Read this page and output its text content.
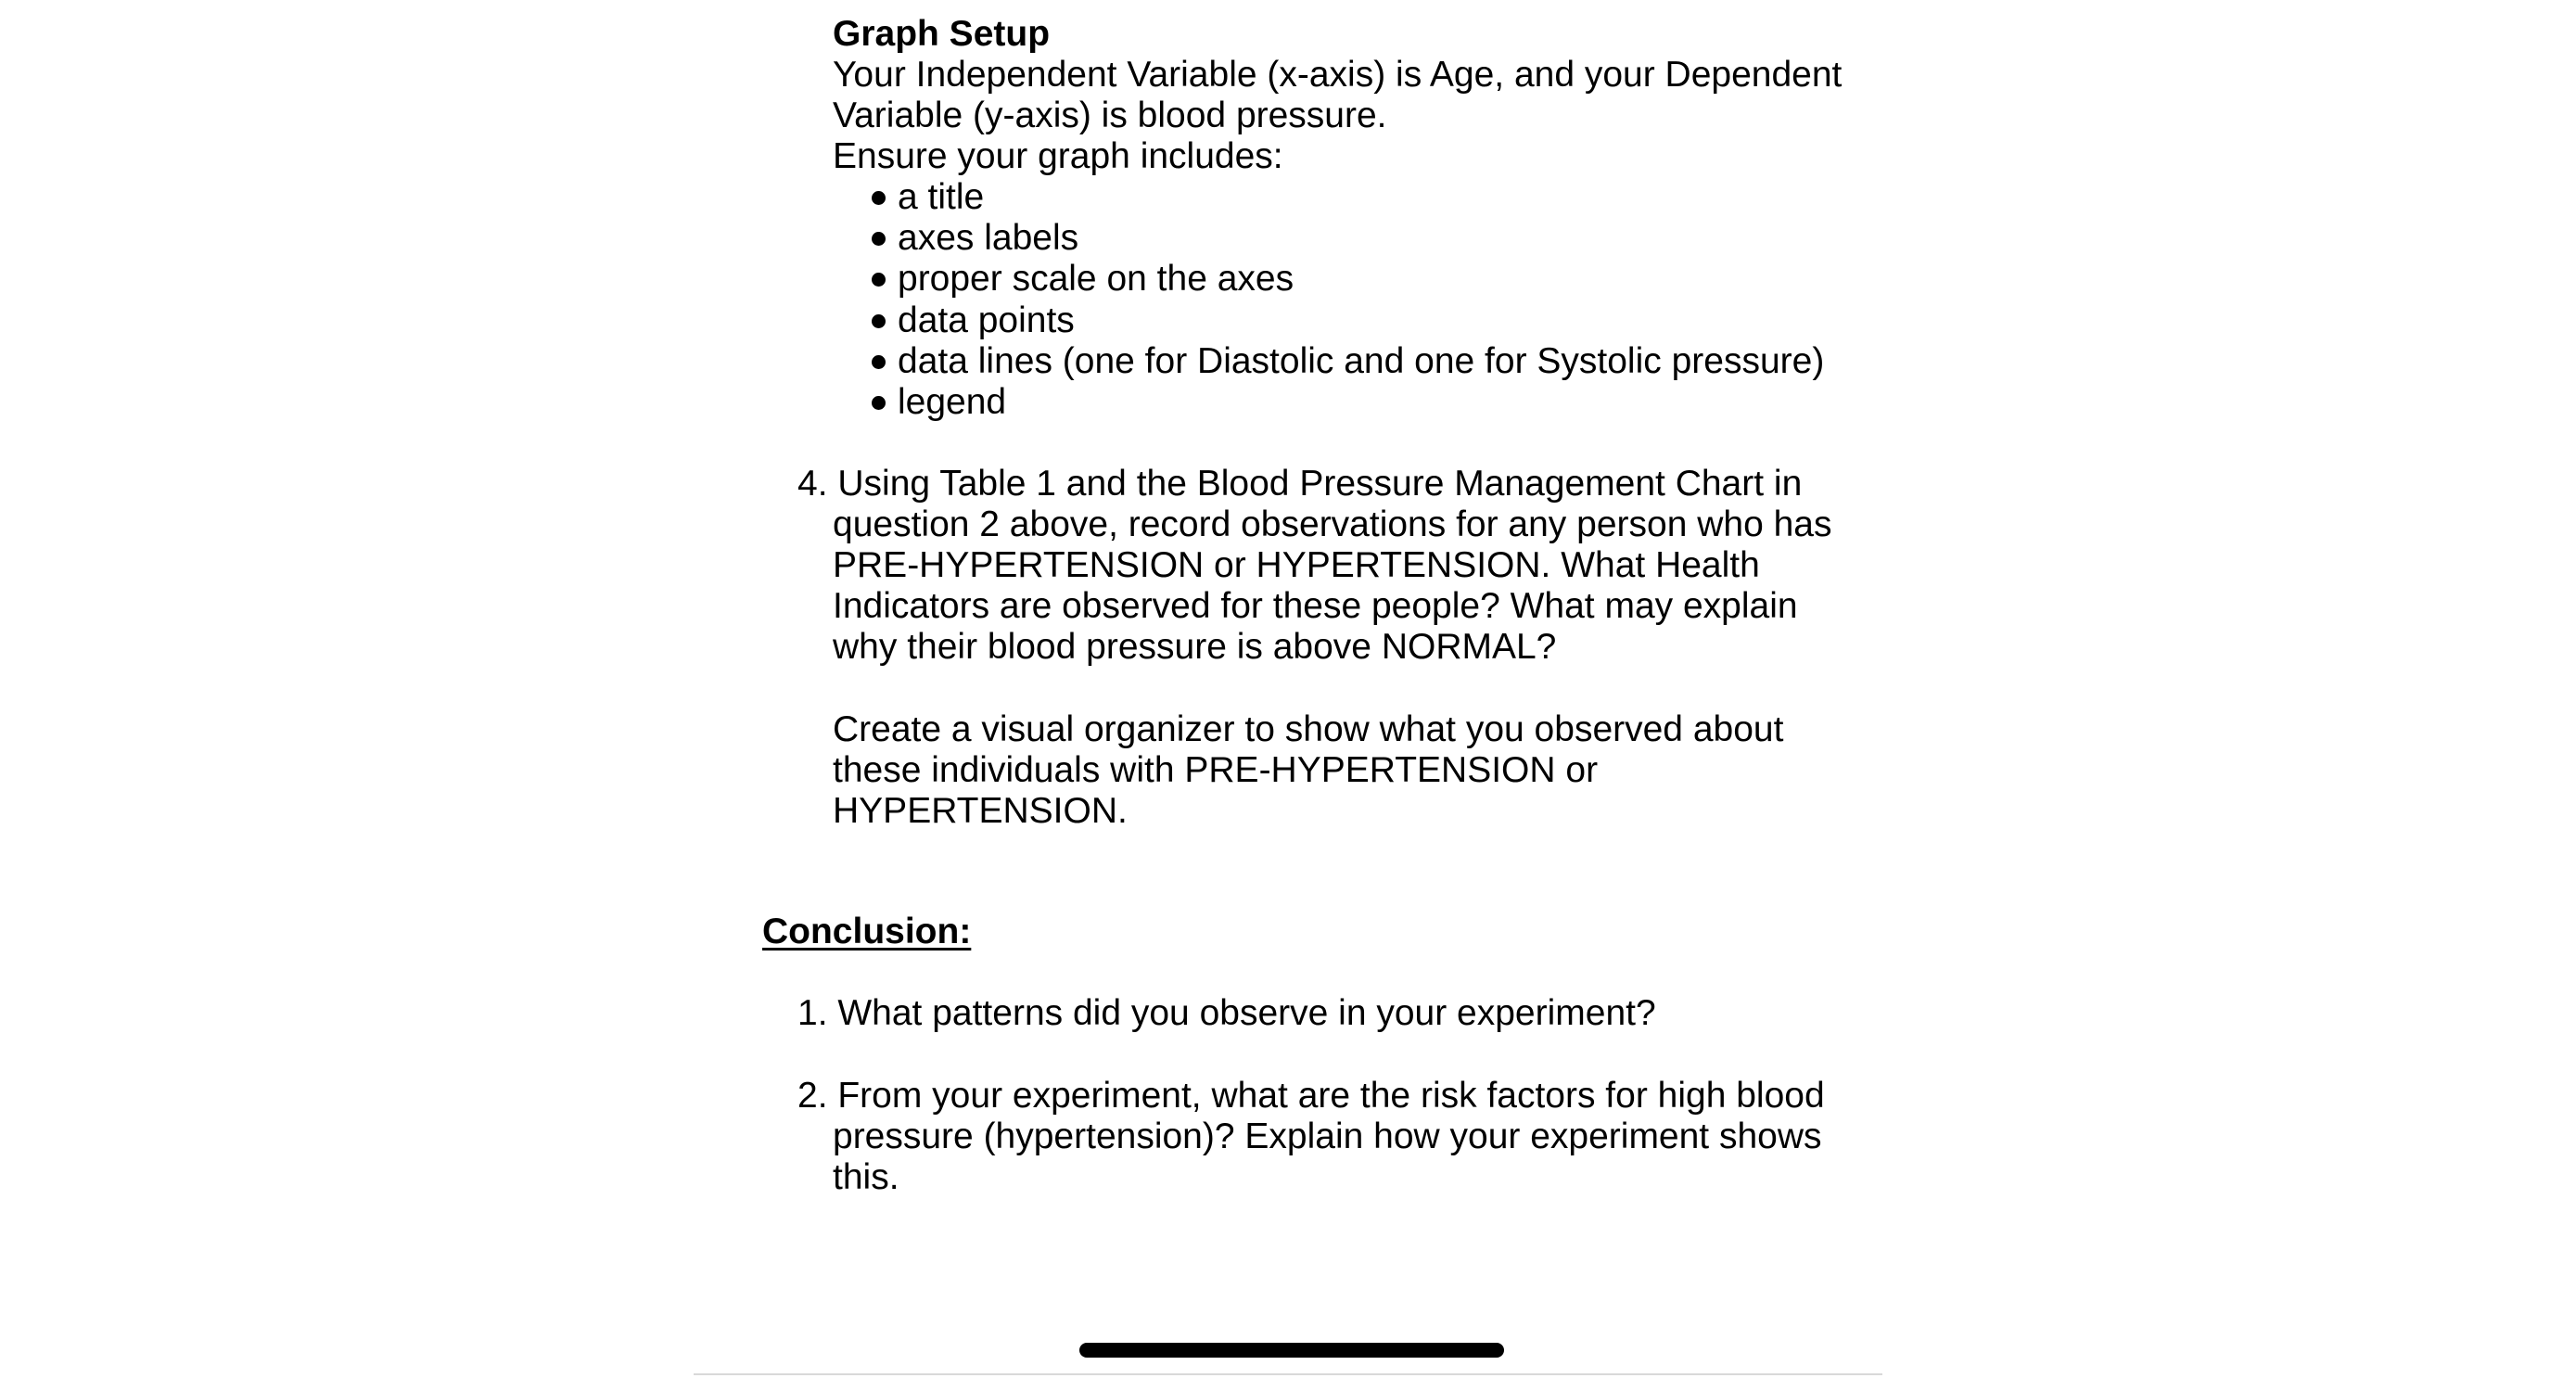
Graph Setup
Your Independent Variable (x-axis) is Age, and your Dependent
Variable (y-axis) is blood pressure.
Ensure your graph includes:
a title
axes labels
proper scale on the axes
data points
data lines (one for Diastolic and one for Systolic pressure)
legend
4. Using Table 1 and the Blood Pressure Management Chart in
question 2 above, record observations for any person who has
PRE-HYPERTENSION or HYPERTENSION. What Health
Indicators are observed for these people? What may explain
why their blood pressure is above NORMAL?
Create a visual organizer to show what you observed about
these individuals with PRE-HYPERTENSION or
HYPERTENSION.
Conclusion:
1. What patterns did you observe in your experiment?
2. From your experiment, what are the risk factors for high blood
pressure (hypertension)? Explain how your experiment shows
this.
